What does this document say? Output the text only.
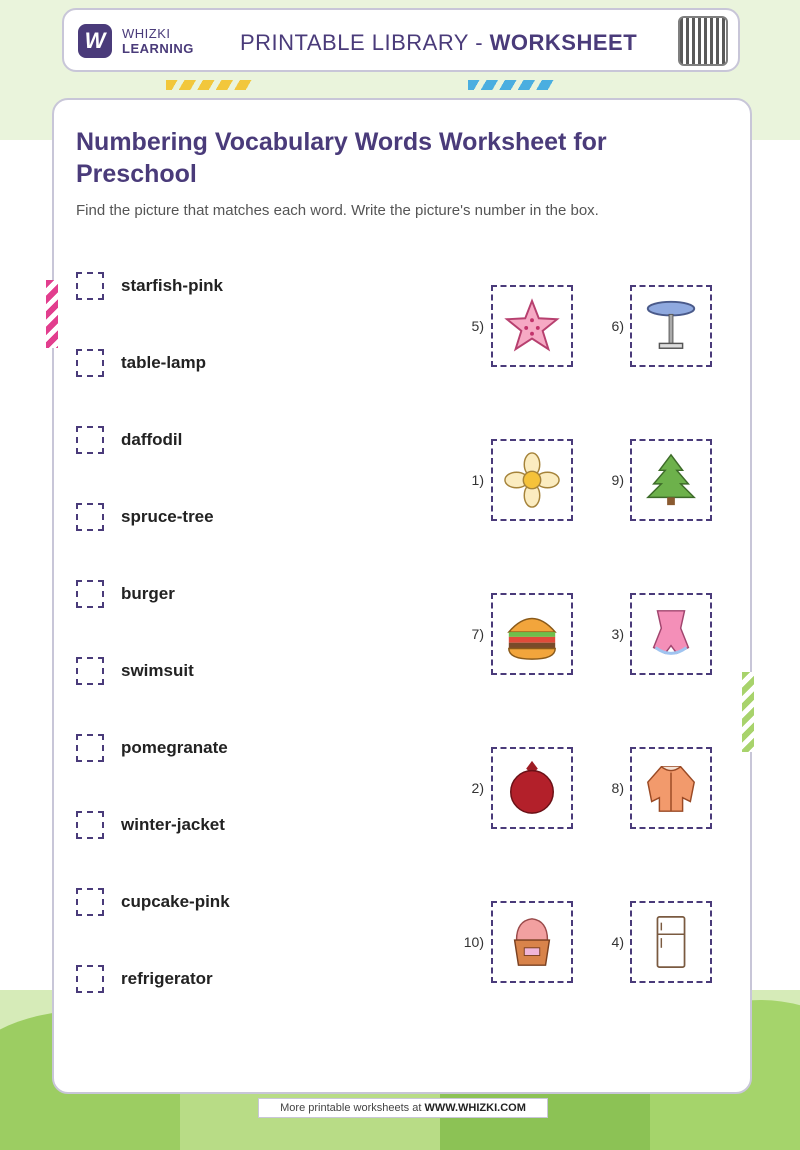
W	WHIZKI
LEARNING PRINTABLE LIBRARY - WORKSHEET
Numbering Vocabulary Words Worksheet for Preschool
Find the picture that matches each word. Write the picture's number in the box.
starfish-pink
table-lamp
daffodil
spruce-tree
burger
swimsuit
pomegranate
winter-jacket
cupcake-pink
refrigerator
5)	6)
1)	9)
7)	3)
2)	8)
10)	4)
More printable worksheets at WWW.WHIZKI.COM
